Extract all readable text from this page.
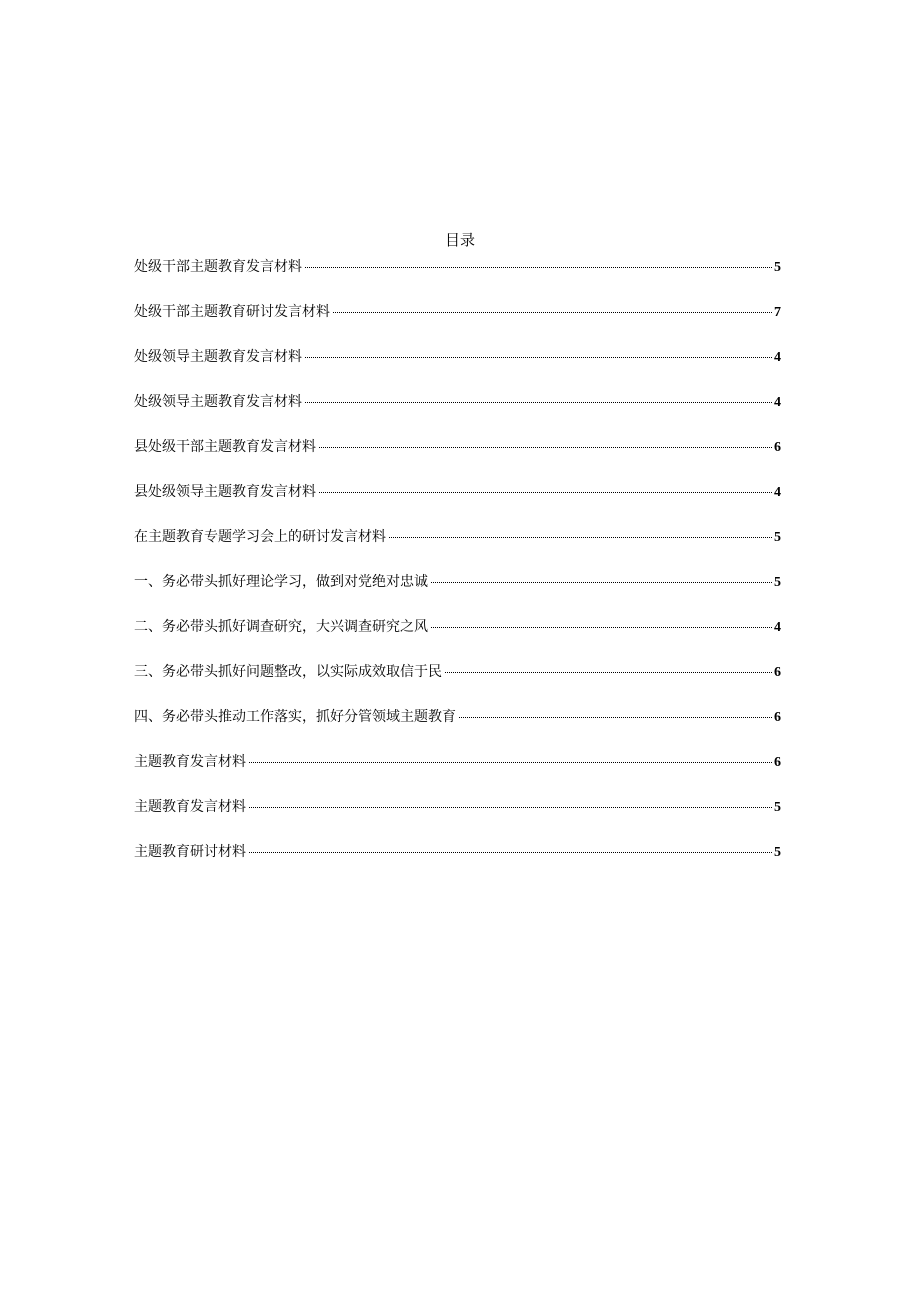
目录
处级干部主题教育发言材料	5
处级干部主题教育研讨发言材料	7
处级领导主题教育发言材料	4
处级领导主题教育发言材料	4
县处级干部主题教育发言材料	6
县处级领导主题教育发言材料	4
在主题教育专题学习会上的研讨发言材料	5
一、务必带头抓好理论学习，做到对党绝对忠诚	5
二、务必带头抓好调查研究，大兴调查研究之风	4
三、务必带头抓好问题整改，以实际成效取信于民	6
四、务必带头推动工作落实，抓好分管领域主题教育	6
主题教育发言材料	6
主题教育发言材料	5
主题教育研讨材料	5
